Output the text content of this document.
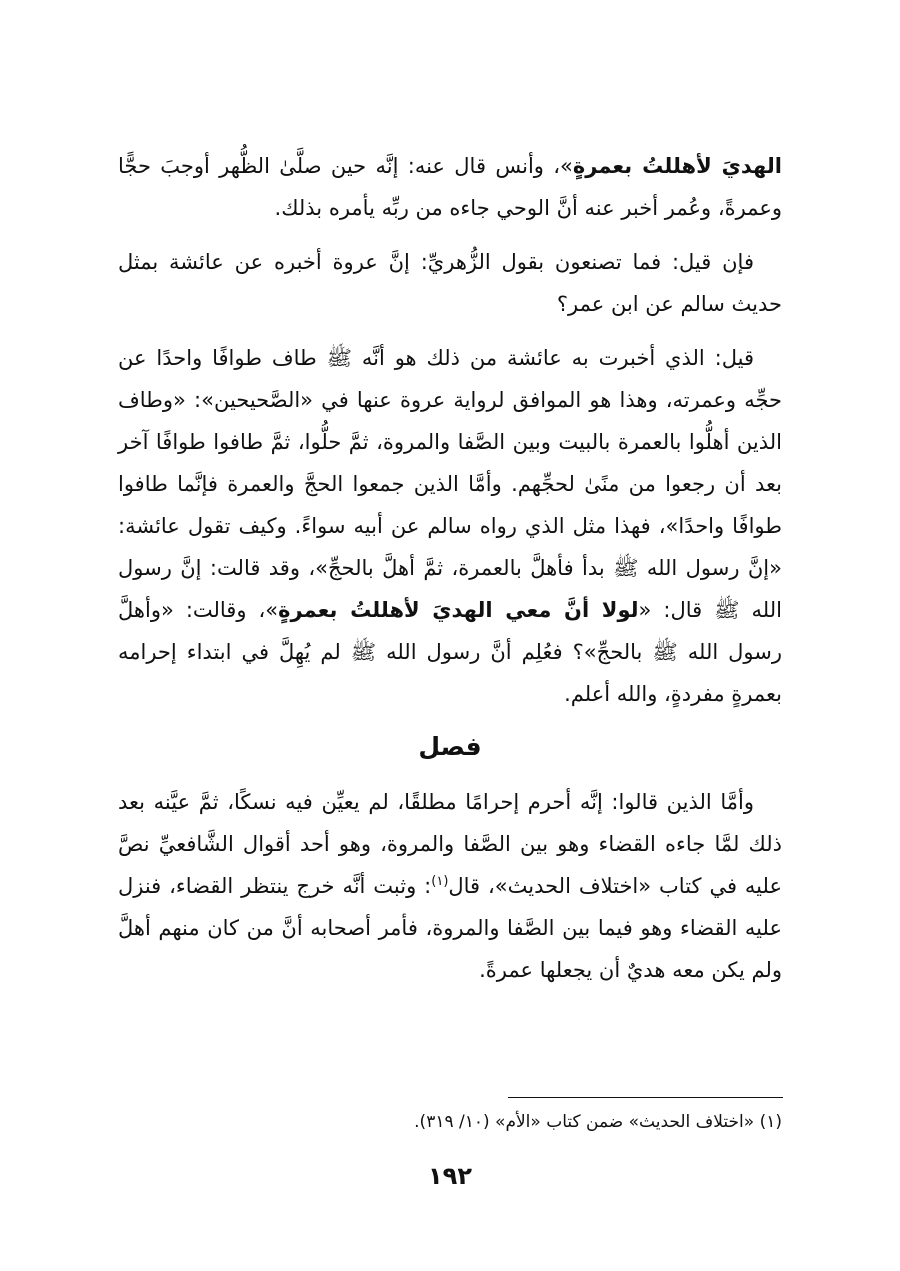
الهديَ لأهللتُ بعمرةٍ»، وأنس قال عنه: إنَّه حين صلَّىٰ الظُّهر أوجبَ حجًّا وعمرةً، وعُمر أخبر عنه أنَّ الوحي جاءه من ربِّه يأمره بذلك.

فإن قيل: فما تصنعون بقول الزُّهريِّ: إنَّ عروة أخبره عن عائشة بمثل حديث سالم عن ابن عمر؟

قيل: الذي أخبرت به عائشة من ذلك هو أنَّه ﷺ طاف طوافًا واحدًا عن حجِّه وعمرته، وهذا هو الموافق لرواية عروة عنها في «الصَّحيحين»: «وطاف الذين أهلُّوا بالعمرة بالبيت وبين الصَّفا والمروة، ثمَّ حلُّوا، ثمَّ طافوا طوافًا آخر بعد أن رجعوا من منًىٰ لحجِّهم. وأمَّا الذين جمعوا الحجَّ والعمرة فإنَّما طافوا طوافًا واحدًا»، فهذا مثل الذي رواه سالم عن أبيه سواءً. وكيف تقول عائشة: «إنَّ رسول الله ﷺ بدأ فأهلَّ بالعمرة، ثمَّ أهلَّ بالحجِّ»، وقد قالت: إنَّ رسول الله ﷺ قال: «لولا أنَّ معي الهديَ لأهللتُ بعمرةٍ»، وقالت: «وأهلَّ رسول الله ﷺ بالحجِّ»؟ فعُلِم أنَّ رسول الله ﷺ لم يُهِلَّ في ابتداء إحرامه بعمرةٍ مفردةٍ، والله أعلم.

فصل

وأمَّا الذين قالوا: إنَّه أحرم إحرامًا مطلقًا، لم يعيِّن فيه نسكًا، ثمَّ عيَّنه بعد ذلك لمَّا جاءه القضاء وهو بين الصَّفا والمروة، وهو أحد أقوال الشَّافعيِّ نصَّ عليه في كتاب «اختلاف الحديث»، قال$^{(١)}$: وثبت أنَّه خرج ينتظر القضاء، فنزل عليه القضاء وهو فيما بين الصَّفا والمروة، فأمر أصحابه أنَّ من كان منهم أهلَّ ولم يكن معه هديٌ أن يجعلها عمرةً.

(١) «اختلاف الحديث» ضمن كتاب «الأم» (١٠/ ٣١٩).
١٩٢
